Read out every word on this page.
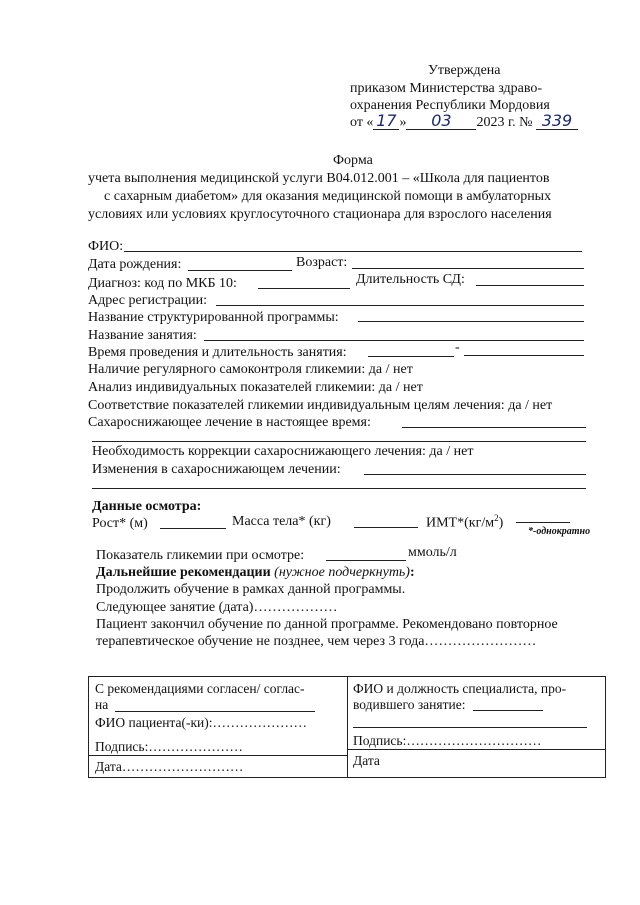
Утверждена
приказом Министерства здраво-
охранения Республики Мордовия
от « 17 » 03 2023 г. № 339
Форма
учета выполнения медицинской услуги B04.012.001 – «Школа для пациентов
с сахарным диабетом» для оказания медицинской помощи в амбулаторных
условиях или условиях круглосуточного стационара для взрослого населения
ФИО:
Дата рождения:	Возраст:
Диагноз: код по МКБ 10:	Длительность СД:
Адрес регистрации:
Название структурированной программы:
Название занятия:
Время проведения и длительность занятия:	-
Наличие регулярного самоконтроля гликемии: да / нет
Анализ индивидуальных показателей гликемии: да / нет
Соответствие показателей гликемии индивидуальным целям лечения: да / нет
Сахароснижающее лечение в настоящее время:
Необходимость коррекции сахароснижающего лечения: да / нет
Изменения в сахароснижающем лечении:
Данные осмотра:
Рост* (м)	Масса тела* (кг)	$ИМТ*(кг/м^2)$
*-однократно
Показатель гликемии при осмотре:	ммоль/л
Дальнейшие рекомендации (нужное подчеркнуть):
Продолжить обучение в рамках данной программы.
Следующее занятие (дата)………………
Пациент закончил обучение по данной программе. Рекомендовано повторное
терапевтическое обучение не позднее, чем через 3 года……………………
С рекомендациями согласен/ соглас‑
на
ФИО пациента(-ки):…………………
Подпись:…………………
Дата………………………
ФИО и должность специалиста, про-
водившего занятие:
Подпись:…………………………
Дата
